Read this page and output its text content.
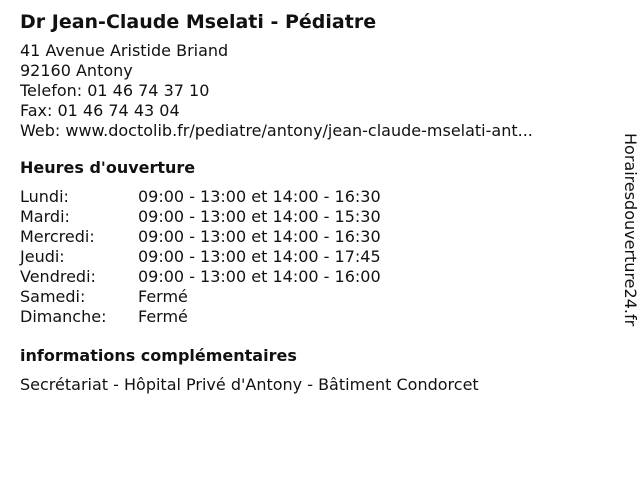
Dr Jean-Claude Mselati - Pédiatre
41 Avenue Aristide Briand
92160 Antony
Telefon: 01 46 74 37 10
Fax: 01 46 74 43 04
Web: www.doctolib.fr/pediatre/antony/jean-claude-mselati-ant...
Heures d'ouverture
Lundi:	09:00 - 13:00 et 14:00 - 16:30
Mardi:	09:00 - 13:00 et 14:00 - 15:30
Mercredi:	09:00 - 13:00 et 14:00 - 16:30
Jeudi:	09:00 - 13:00 et 14:00 - 17:45
Vendredi:	09:00 - 13:00 et 14:00 - 16:00
Samedi:	Fermé
Dimanche:	Fermé
informations complémentaires
Secrétariat - Hôpital Privé d'Antony - Bâtiment Condorcet
Horairesdouverture24.fr
